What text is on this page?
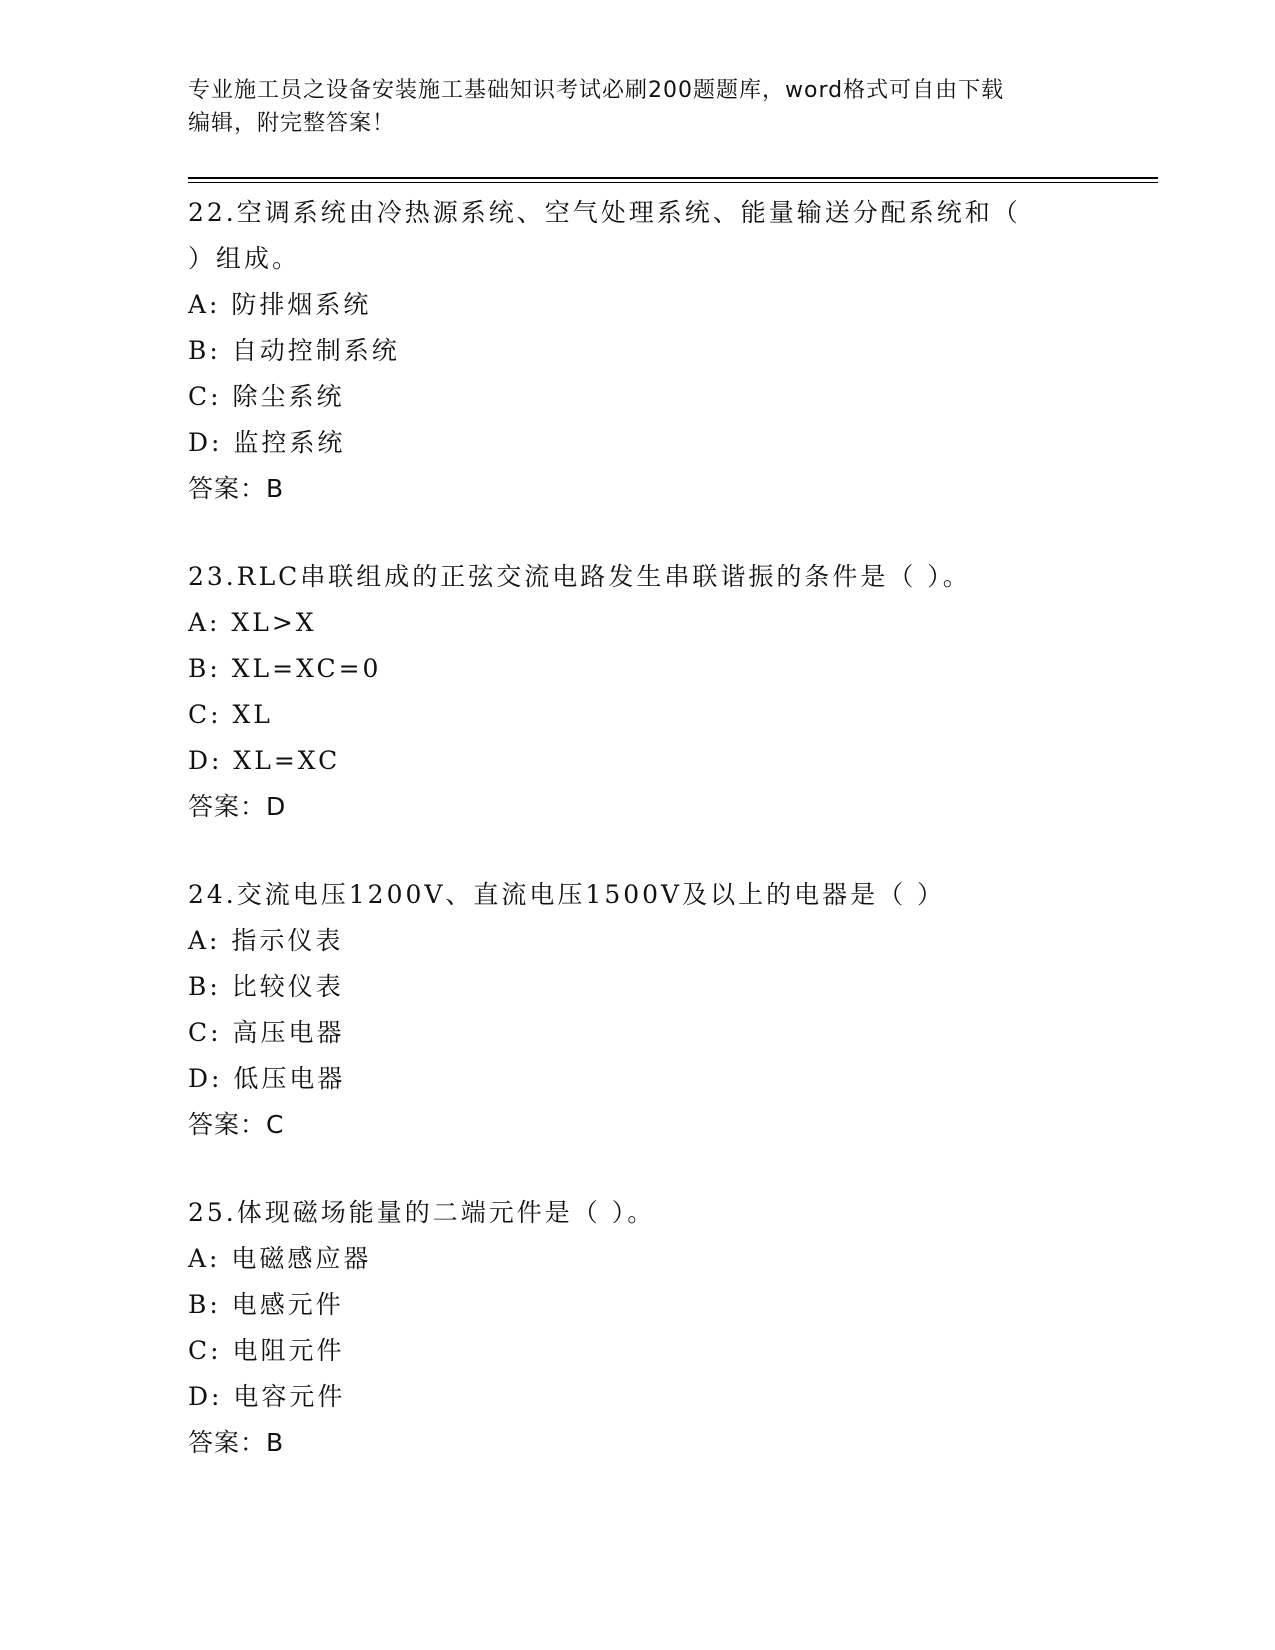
专业施工员之设备安装施工基础知识考试必刷200题题库，word格式可自由下载
编辑，附完整答案！
22.空调系统由冷热源系统、空气处理系统、能量输送分配系统和（
）组成。
A: 防排烟系统
B: 自动控制系统
C: 除尘系统
D: 监控系统
答案：B
23.RLC串联组成的正弦交流电路发生串联谐振的条件是（ ）。
A: XL>X
B: XL=XC=0
C: XL
D: XL=XC
答案：D
24.交流电压1200V、直流电压1500V及以上的电器是（ ）
A: 指示仪表
B: 比较仪表
C: 高压电器
D: 低压电器
答案：C
25.体现磁场能量的二端元件是（ ）。
A: 电磁感应器
B: 电感元件
C: 电阻元件
D: 电容元件
答案：B
